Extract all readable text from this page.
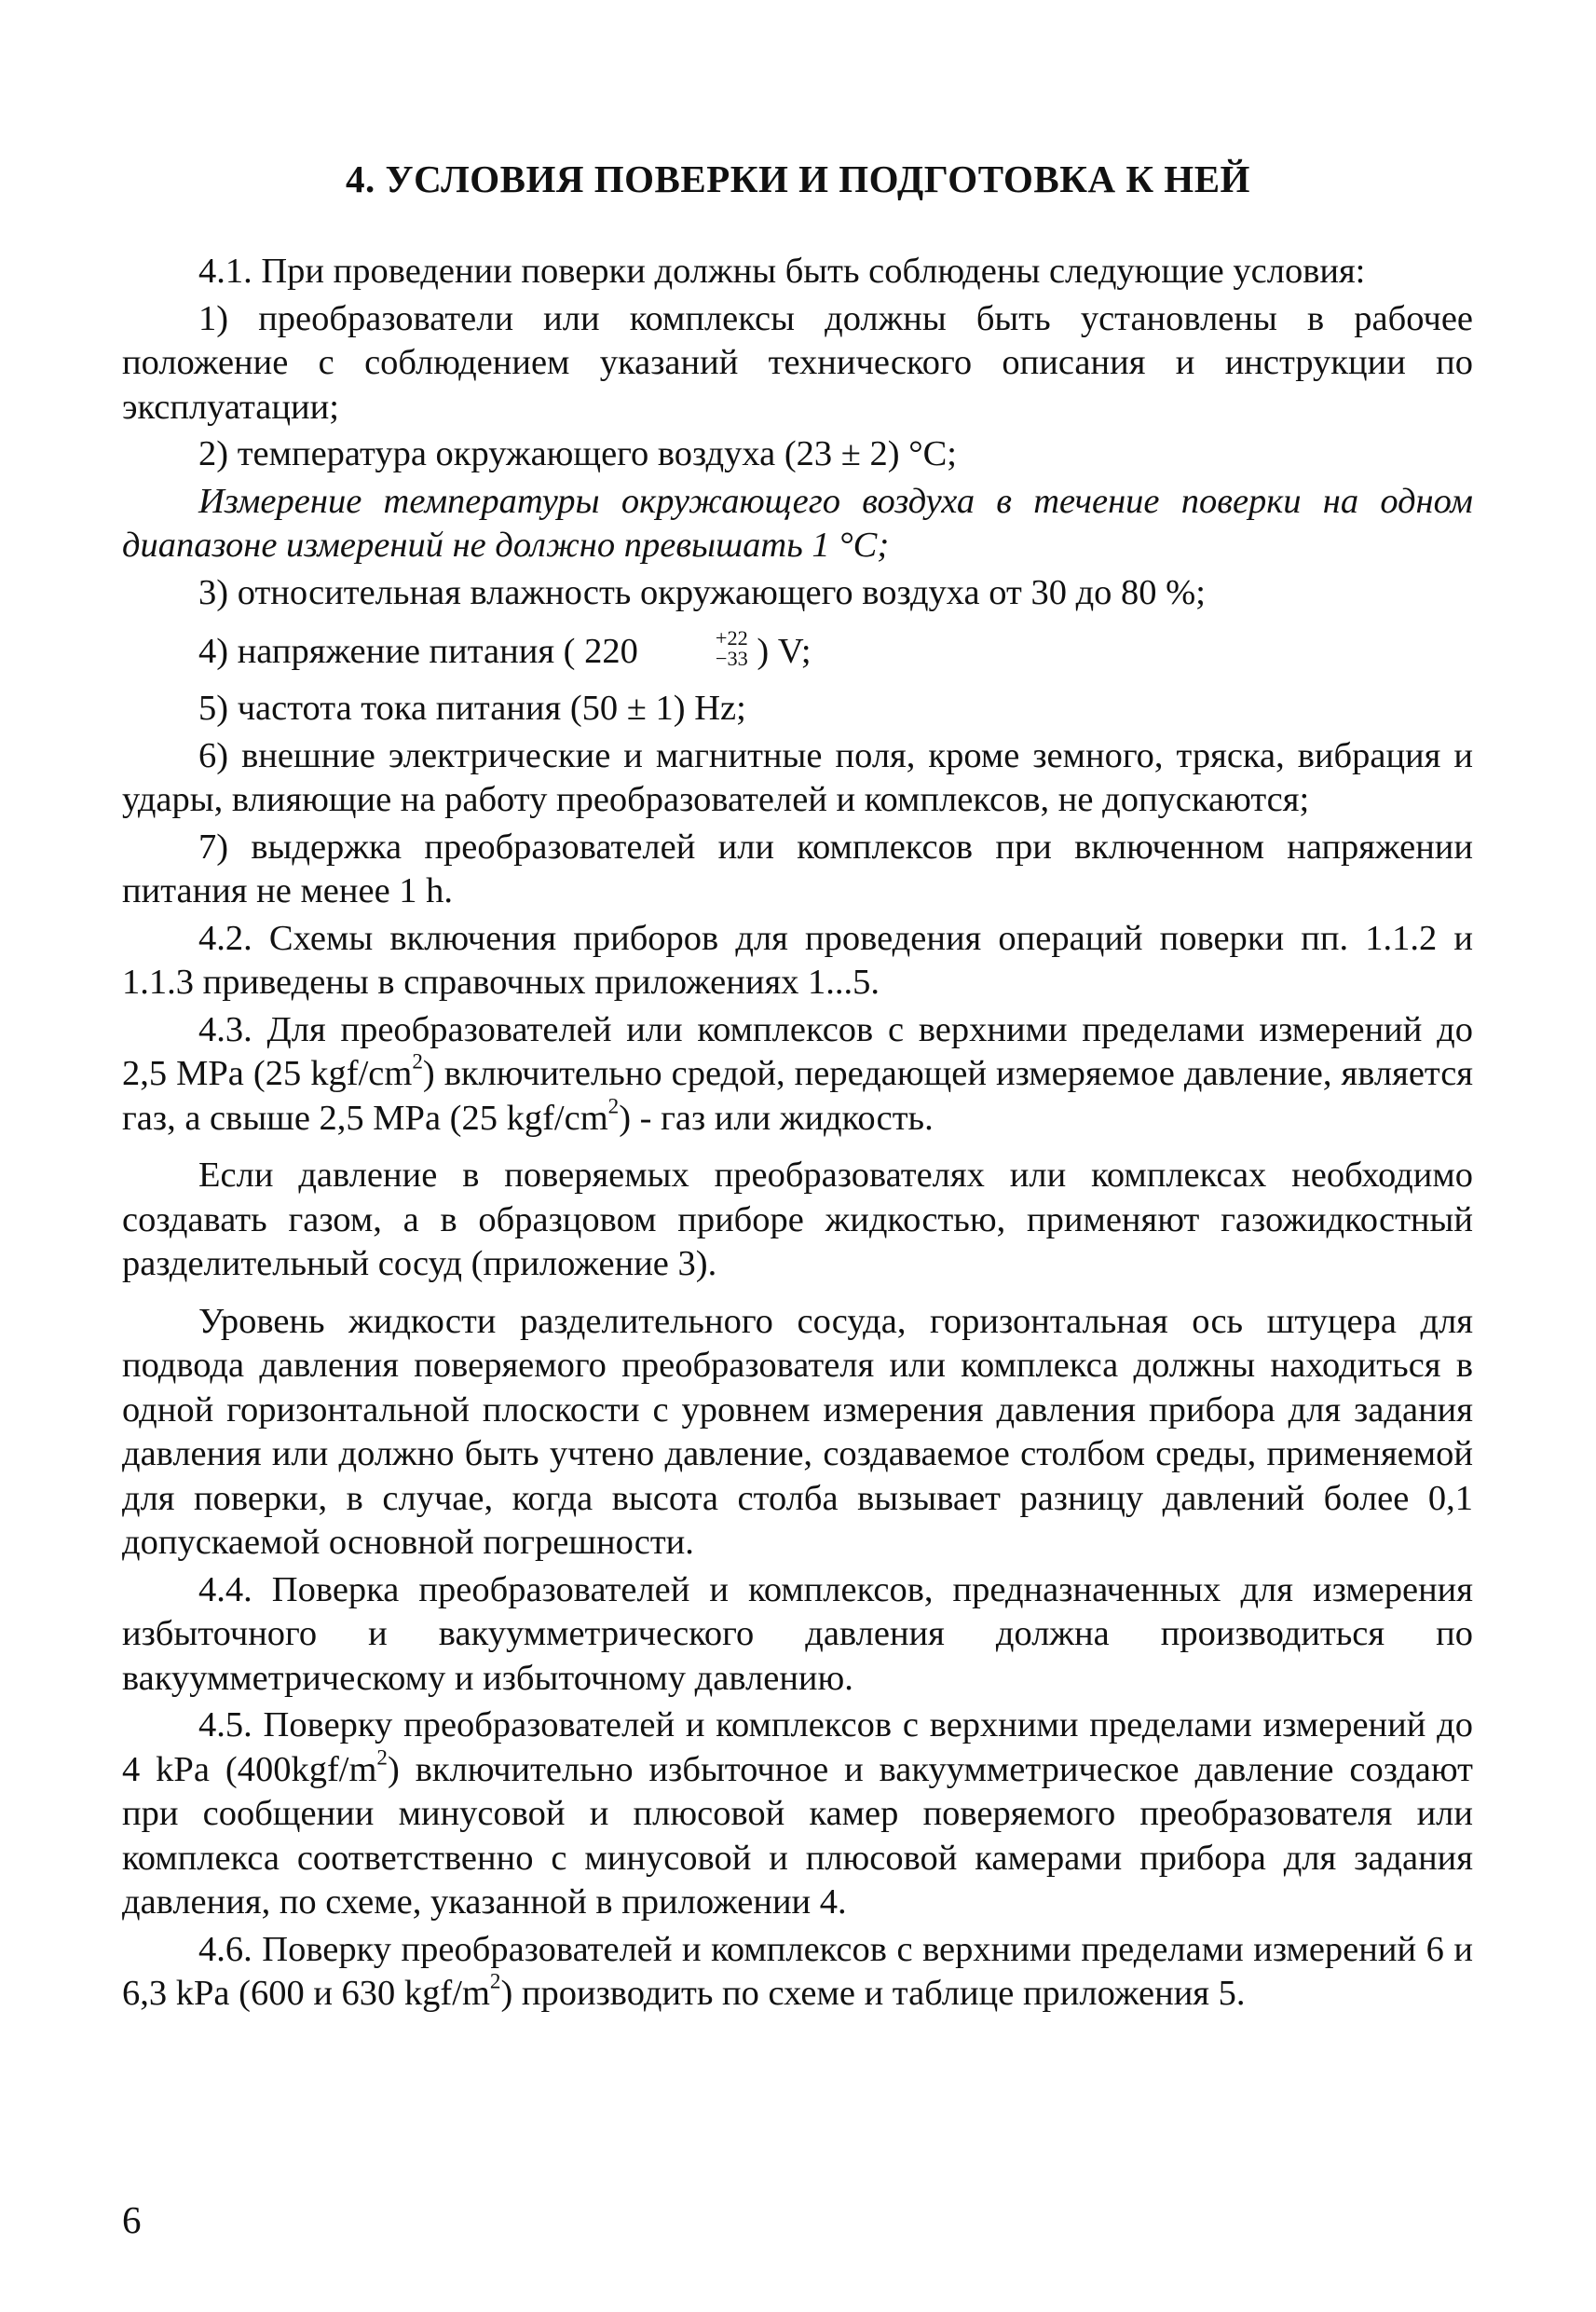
4. УСЛОВИЯ ПОВЕРКИ И ПОДГОТОВКА К НЕЙ

4.1. При проведении поверки должны быть соблюдены следующие условия:

1) преобразователи или комплексы должны быть установлены в рабочее положение с соблюдением указаний технического описания и инструкции по эксплуатации;

2) температура окружающего воздуха (23 ± 2) °С;

Измерение температуры окружающего воздуха в течение поверки на одном диапазоне измерений не должно превышать 1 °С;

3) относительная влажность окружающего воздуха от 30 до 80 %;

4) напряжение питания ( 220	+22
−33 ) V;

5) частота тока питания (50 ± 1) Hz;

6) внешние электрические и магнитные поля, кроме земного, тряска, вибрация и удары, влияющие на работу преобразователей и комплексов, не допускаются;

7) выдержка преобразователей или комплексов при включенном напряжении питания не менее 1 h.

4.2. Схемы включения приборов для проведения операций поверки пп. 1.1.2 и 1.1.3 приведены в справочных приложениях 1...5.

4.3. Для преобразователей или комплексов с верхними пределами измерений до 2,5 MPa (25 kgf/$cm^2$) включительно средой, передающей измеряемое давление, является газ, а свыше 2,5 MPa (25 kgf/$cm^2$) - газ или жидкость.

Если давление в поверяемых преобразователях или комплексах необходимо создавать газом, а в образцовом приборе жидкостью, применяют газожидкостный разделительный сосуд (приложение 3).

Уровень жидкости разделительного сосуда, горизонтальная ось штуцера для подвода давления поверяемого преобразователя или комплекса должны находиться в одной горизонтальной плоскости с уровнем измерения давления прибора для задания давления или должно быть учтено давление, создаваемое столбом среды, применяемой для поверки, в случае, когда высота столба вызывает разницу давлений более 0,1 допускаемой основной погрешности.

4.4. Поверка преобразователей и комплексов, предназначенных для измерения избыточного и вакуумметрического давления должна производиться по вакуумметрическому и избыточному давлению.

4.5. Поверку преобразователей и комплексов с верхними пределами измерений до 4 kPa $(400kgf/m^2)$ включительно избыточное и вакуумметрическое давление создают при сообщении минусовой и плюсовой камер поверяемого преобразователя или комплекса соответственно с минусовой и плюсовой камерами прибора для задания давления, по схеме, указанной в приложении 4.

4.6. Поверку преобразователей и комплексов с верхними пределами измерений 6 и 6,3 kPa (600 и 630 kgf/$m^2$) производить по схеме и таблице приложения 5.

6
